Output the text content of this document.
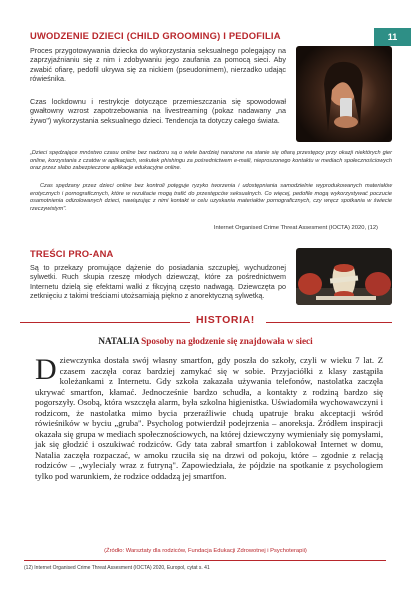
UWODZENIE DZIECI (CHILD GROOMING) I PEDOFILIA	11
Proces przygotowywania dziecka do wykorzystania seksualnego polegający na zaprzyjaźnianiu się z nim i zdobywaniu jego zaufania za pomocą sieci. Aby zwabić ofiarę, pedofil ukrywa się za nickiem (pseudonimem), nierzadko udając rówieśnika.
Czas lockdownu i restrykcje dotyczące przemieszczania się spowodował gwałtowny wzrost zapotrzebowania na livestreaming (pokaz nadawany „na żywo") wykorzystania seksualnego dzieci. Tendencja ta dotyczy całego świata.
„Dzieci spędzające mnóstwo czasu online bez nadzoru są o wiele bardziej narażone na stanie się ofiarą przestępcy przy okazji niektórych gier online, korzystania z czatów w aplikacjach, wskutek phishingu za pośrednictwem e-maili, nieproszonego kontaktu w mediach społecznościowych oraz przez słabo zabezpieczone aplikacje edukacyjne online.
Czas spędzany przez dzieci online bez kontroli potęguje ryzyko tworzenia i udostępniania samodzielnie wyprodukowanych materiałów erotycznych i pornograficznych, które w rezultacie mogą trafić do przestępców seksualnych. Co więcej, pedofile mogą wykorzystywać poczucie osamotnienia odizolowanych dzieci, nawiązując z nimi kontakt w celu uzyskania materiałów pornograficznych, czy wręcz spotkania w świecie rzeczywistym".
Internet Organised Crime Threat Assesment (IOCTA) 2020, (12)
TREŚCI PRO-ANA
Są to przekazy promujące dążenie do posiadania szczupłej, wychudzonej sylwetki. Ruch skupia rzeszę młodych dziewcząt, które za pośrednictwem Internetu dzielą się efektami walki z fikcyjną często nadwagą. Dziewczęta po zetknięciu z takimi treściami utożsamiają piękno z anorektyczną sylwetką.
HISTORIA!
NATALIA Sposoby na głodzenie się znajdowała w sieci
D ziewczynka dostała swój własny smartfon, gdy poszła do szkoły, czyli w wieku 7 lat. Z czasem zaczęła coraz bardziej zamykać się w sobie. Przyjaciółki z klasy zastąpiła koleżankami z Internetu. Gdy szkoła zakazała używania telefonów, nastolatka zaczęła ukrywać smartfon, kłamać. Jednocześnie bardzo schudła, a kontakty z rodziną bardzo się pogorszyły. Osobą, która wszczęła alarm, była szkolna higienistka. Uświadomiła wychowawczyni i rodzicom, że nastolatka mimo bycia przeraźliwie chudą upatruje braku akceptacji wśród rówieśników w byciu „gruba". Psycholog potwierdził podejrzenia – anoreksja. Źródłem inspiracji okazała się grupa w mediach społecznościowych, na której dziewczyny wymieniały się pomysłami, jak się głodzić i oszukiwać rodziców. Gdy tata zabrał smartfon i zablokował Internet w domu, Natalia zaczęła rozpaczać, w amoku rzuciła się na drzwi od pokoju, które – zgodnie z relacją rodziców – „wylecialy wraz z futryną". Zapowiedziała, że pójdzie na spotkanie z psychologiem tylko pod warunkiem, że rodzice oddadzą jej smartfon.
(Źródło: Warsztaty dla rodziców, Fundacja Edukacji Zdrowotnej i Psychoterapii)
(12) Internet Organised Crime Threat Assesment (IOCTA) 2020, Europol, cytat s. 41
